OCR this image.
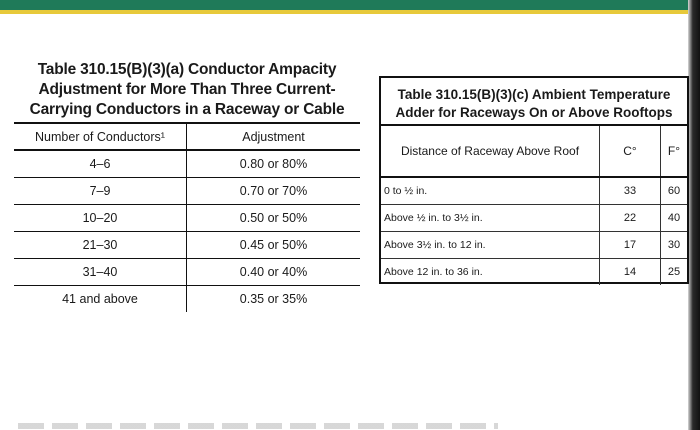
Table 310.15(B)(3)(a) Conductor Ampacity
Adjustment for More Than Three Current-
Carrying Conductors in a Raceway or Cable
Number of Conductors¹	Adjustment
4–6	0.80 or 80%
7–9	0.70 or 70%
10–20	0.50 or 50%
21–30	0.45 or 50%
31–40	0.40 or 40%
41 and above	0.35 or 35%
Table 310.15(B)(3)(c) Ambient Temperature
Adder for Raceways On or Above Rooftops
Distance of Raceway Above Roof	C°	F°
0 to ½ in.	33	60
Above ½ in. to 3½ in.	22	40
Above 3½ in. to 12 in.	17	30
Above 12 in. to 36 in.	14	25
